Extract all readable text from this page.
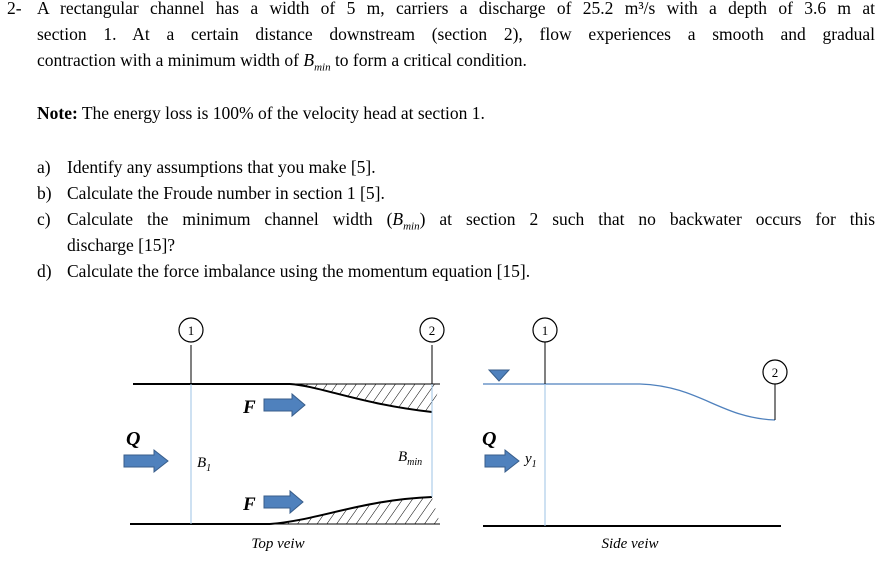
2- A rectangular channel has a width of 5 m, carriers a discharge of 25.2 m³/s with a depth of 3.6 m at
section 1. At a certain distance downstream (section 2), flow experiences a smooth and gradual
contraction with a minimum width of $B_{min}$ to form a critical condition.
Note: The energy loss is 100% of the velocity head at section 1.
a) Identify any assumptions that you make [5].
b) Calculate the Froude number in section 1 [5].
c) Calculate the minimum channel width $(B_{min})$ at section 2 such that no backwater occurs for this
discharge [15]?
d) Calculate the force imbalance using the momentum equation [15].
1	2
F
F
Q
$B_1$
$B_{min}$
Top veiw
1
2
Q
$y_1$
Side veiw
